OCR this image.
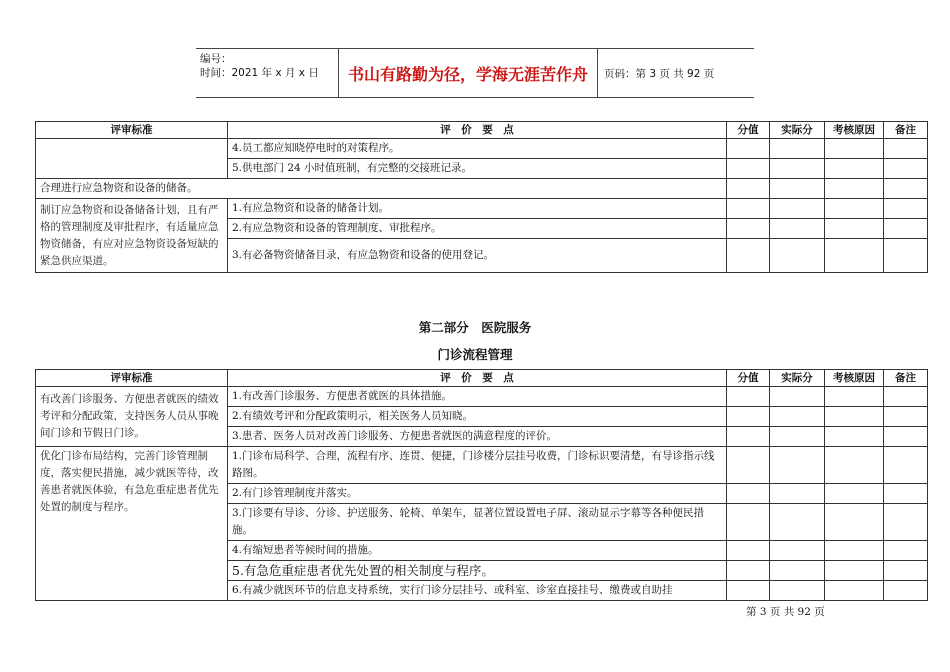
编号：
时间：2021 年 x 月 x 日	书山有路勤为径，学海无涯苦作舟	页码：第 3 页 共 92 页
评审标准	评　价　要　点	分值	实际分	考核原因	备注
	4.员工都应知晓停电时的对策程序。				
	5.供电部门 24 小时值班制，有完整的交接班记录。				
合理进行应急物资和设备的储备。					
制订应急物资和设备储备计划，且有严格的管理制度及审批程序，有适量应急物资储备，有应对应急物资设备短缺的紧急供应渠道。	1.有应急物资和设备的储备计划。				
	2.有应急物资和设备的管理制度、审批程序。				
	3.有必备物资储备目录，有应急物资和设备的使用登记。				
第二部分　医院服务
门诊流程管理
评审标准	评　价　要　点	分值	实际分	考核原因	备注
有改善门诊服务、方便患者就医的绩效考评和分配政策，支持医务人员从事晚间门诊和节假日门诊。	1.有改善门诊服务、方便患者就医的具体措施。				
	2.有绩效考评和分配政策明示，相关医务人员知晓。				
	3.患者、医务人员对改善门诊服务、方便患者就医的满意程度的评价。				
优化门诊布局结构，完善门诊管理制度，落实便民措施，减少就医等待，改善患者就医体验，有急危重症患者优先处置的制度与程序。	1.门诊布局科学、合理，流程有序、连贯、便捷，门诊楼分层挂号收费，门诊标识要清楚，有导诊指示线路图。				
	2.有门诊管理制度并落实。				
	3.门诊要有导诊、分诊、护送服务、轮椅、单架车，显著位置设置电子屏、滚动显示字幕等各种便民措施。				
	4.有缩短患者等候时间的措施。				
	5.有急危重症患者优先处置的相关制度与程序。				
	6.有减少就医环节的信息支持系统，实行门诊分层挂号、或科室、诊室直接挂号、缴费或自助挂				
第 3 页 共 92 页
